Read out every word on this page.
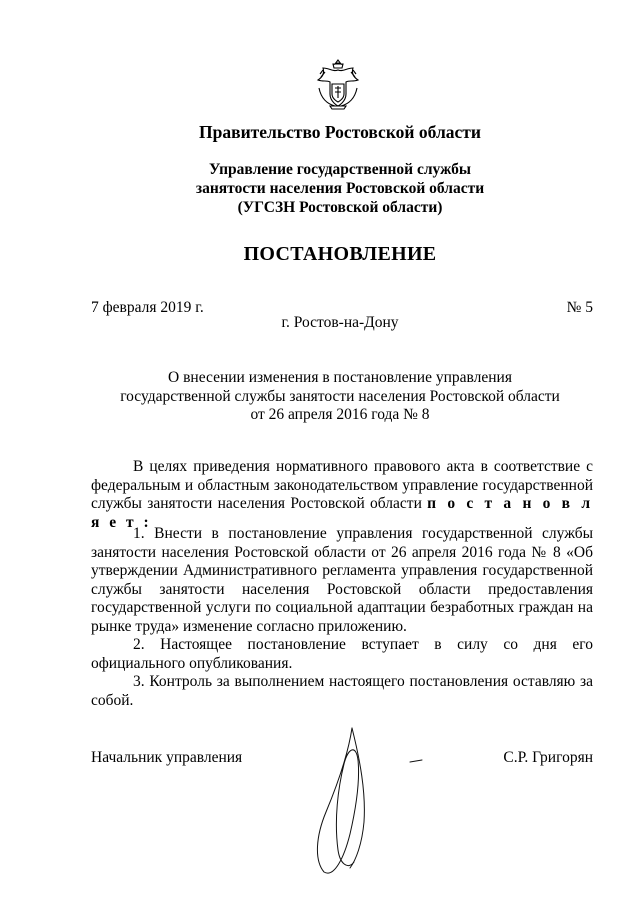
Правительство Ростовской области
Управление государственной службы
занятости населения Ростовской области
(УГСЗН Ростовской области)
ПОСТАНОВЛЕНИЕ
7 февраля 2019 г.	№ 5
г. Ростов-на-Дону
О внесении изменения в постановление управления
государственной службы занятости населения Ростовской области
от 26 апреля 2016 года № 8

В целях приведения нормативного правового акта в соответствие с федеральным и областным законодательством управление государственной службы занятости населения Ростовской области п о с т а н о в л я е т :

1. Внести в постановление управления государственной службы занятости населения Ростовской области от 26 апреля 2016 года № 8 «Об утверждении Административного регламента управления государственной службы занятости населения Ростовской области предоставления государственной услуги по социальной адаптации безработных граждан на рынке труда» изменение согласно приложению.

2. Настоящее постановление вступает в силу со дня его официального опубликования.

3. Контроль за выполнением настоящего постановления оставляю за собой.

Начальник управления	С.Р. Григорян
